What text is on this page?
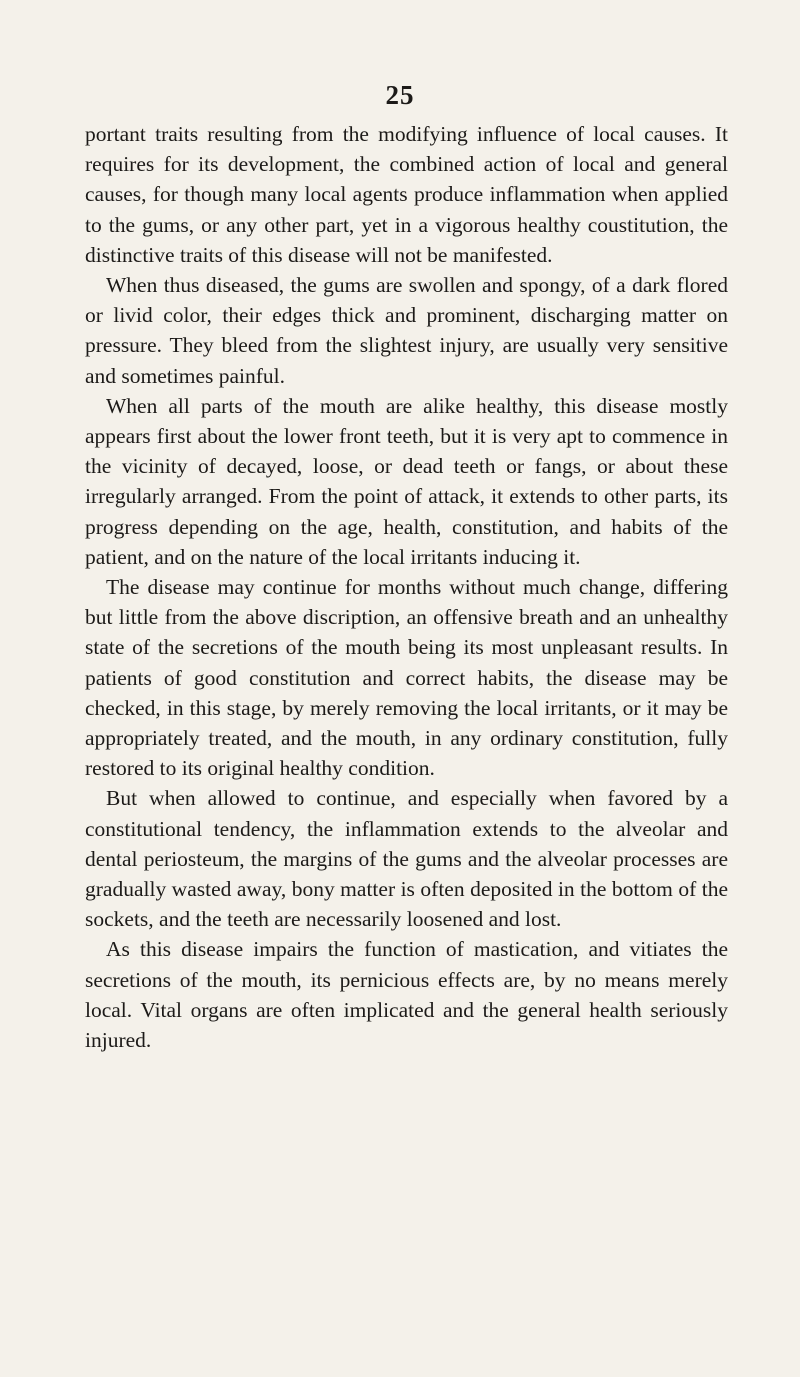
25

portant traits resulting from the modifying influence of local causes. It requires for its development, the combined action of local and general causes, for though many local agents produce inflammation when applied to the gums, or any other part, yet in a vigorous healthy coustitution, the distinctive traits of this disease will not be manifested.

When thus diseased, the gums are swollen and spongy, of a dark flored or livid color, their edges thick and prominent, discharging matter on pressure. They bleed from the slightest injury, are usually very sensitive and sometimes painful.

When all parts of the mouth are alike healthy, this disease mostly appears first about the lower front teeth, but it is very apt to commence in the vicinity of decayed, loose, or dead teeth or fangs, or about these irregularly arranged. From the point of attack, it extends to other parts, its progress depending on the age, health, constitution, and habits of the patient, and on the nature of the local irritants inducing it.

The disease may continue for months without much change, differing but little from the above discription, an offensive breath and an unhealthy state of the secretions of the mouth being its most unpleasant results. In patients of good constitution and correct habits, the disease may be checked, in this stage, by merely removing the local irritants, or it may be appropriately treated, and the mouth, in any ordinary constitution, fully restored to its original healthy condition.

But when allowed to continue, and especially when favored by a constitutional tendency, the inflammation extends to the alveolar and dental periosteum, the margins of the gums and the alveolar processes are gradually wasted away, bony matter is often deposited in the bottom of the sockets, and the teeth are necessarily loosened and lost.

As this disease impairs the function of mastication, and vitiates the secretions of the mouth, its pernicious effects are, by no means merely local. Vital organs are often implicated and the general health seriously injured.
